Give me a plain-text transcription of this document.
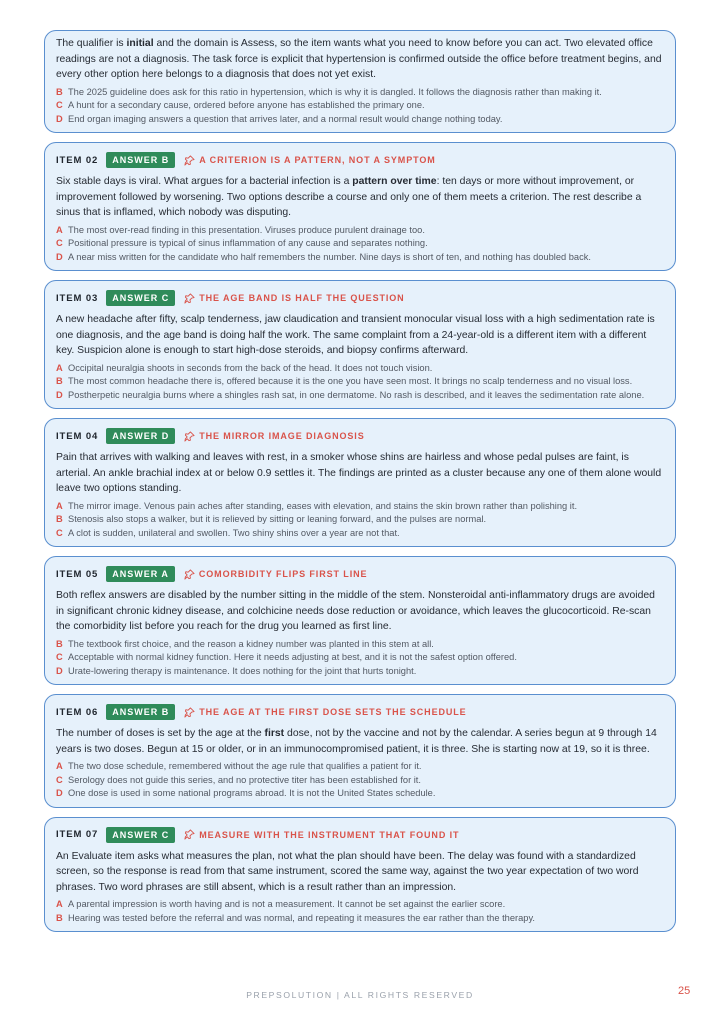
The qualifier is initial and the domain is Assess, so the item wants what you need to know before you can act. Two elevated office readings are not a diagnosis. The task force is explicit that hypertension is confirmed outside the office before treatment begins, and every other option here belongs to a diagnosis that does not yet exist.

B The 2025 guideline does ask for this ratio in hypertension, which is why it is dangled. It follows the diagnosis rather than making it.
C A hunt for a secondary cause, ordered before anyone has established the primary one.
D End organ imaging answers a question that arrives later, and a normal result would change nothing today.
ITEM 02	ANSWER B	A CRITERION IS A PATTERN, NOT A SYMPTOM

Six stable days is viral. What argues for a bacterial infection is a pattern over time: ten days or more without improvement, or improvement followed by worsening. Two options describe a course and only one of them meets a criterion. The rest describe a sinus that is inflamed, which nobody was disputing.

A The most over-read finding in this presentation. Viruses produce purulent drainage too.
C Positional pressure is typical of sinus inflammation of any cause and separates nothing.
D A near miss written for the candidate who half remembers the number. Nine days is short of ten, and nothing has doubled back.
ITEM 03	ANSWER C	THE AGE BAND IS HALF THE QUESTION

A new headache after fifty, scalp tenderness, jaw claudication and transient monocular visual loss with a high sedimentation rate is one diagnosis, and the age band is doing half the work. The same complaint from a 24-year-old is a different item with a different key. Suspicion alone is enough to start high-dose steroids, and biopsy confirms afterward.

A Occipital neuralgia shoots in seconds from the back of the head. It does not touch vision.
B The most common headache there is, offered because it is the one you have seen most. It brings no scalp tenderness and no visual loss.
D Postherpetic neuralgia burns where a shingles rash sat, in one dermatome. No rash is described, and it leaves the sedimentation rate alone.
ITEM 04	ANSWER D	THE MIRROR IMAGE DIAGNOSIS

Pain that arrives with walking and leaves with rest, in a smoker whose shins are hairless and whose pedal pulses are faint, is arterial. An ankle brachial index at or below 0.9 settles it. The findings are printed as a cluster because any one of them alone would leave two options standing.

A The mirror image. Venous pain aches after standing, eases with elevation, and stains the skin brown rather than polishing it.
B Stenosis also stops a walker, but it is relieved by sitting or leaning forward, and the pulses are normal.
C A clot is sudden, unilateral and swollen. Two shiny shins over a year are not that.
ITEM 05	ANSWER A	COMORBIDITY FLIPS FIRST LINE

Both reflex answers are disabled by the number sitting in the middle of the stem. Nonsteroidal anti-inflammatory drugs are avoided in significant chronic kidney disease, and colchicine needs dose reduction or avoidance, which leaves the glucocorticoid. Re-scan the comorbidity list before you reach for the drug you learned as first line.

B The textbook first choice, and the reason a kidney number was planted in this stem at all.
C Acceptable with normal kidney function. Here it needs adjusting at best, and it is not the safest option offered.
D Urate-lowering therapy is maintenance. It does nothing for the joint that hurts tonight.
ITEM 06	ANSWER B	THE AGE AT THE FIRST DOSE SETS THE SCHEDULE

The number of doses is set by the age at the first dose, not by the vaccine and not by the calendar. A series begun at 9 through 14 years is two doses. Begun at 15 or older, or in an immunocompromised patient, it is three. She is starting now at 19, so it is three.

A The two dose schedule, remembered without the age rule that qualifies a patient for it.
C Serology does not guide this series, and no protective titer has been established for it.
D One dose is used in some national programs abroad. It is not the United States schedule.
ITEM 07	ANSWER C	MEASURE WITH THE INSTRUMENT THAT FOUND IT

An Evaluate item asks what measures the plan, not what the plan should have been. The delay was found with a standardized screen, so the response is read from that same instrument, scored the same way, against the two year expectation of two word phrases. Two word phrases are still absent, which is a result rather than an impression.

A A parental impression is worth having and is not a measurement. It cannot be set against the earlier score.
B Hearing was tested before the referral and was normal, and repeating it measures the ear rather than the therapy.
PREPSOLUTION | ALL RIGHTS RESERVED	25
